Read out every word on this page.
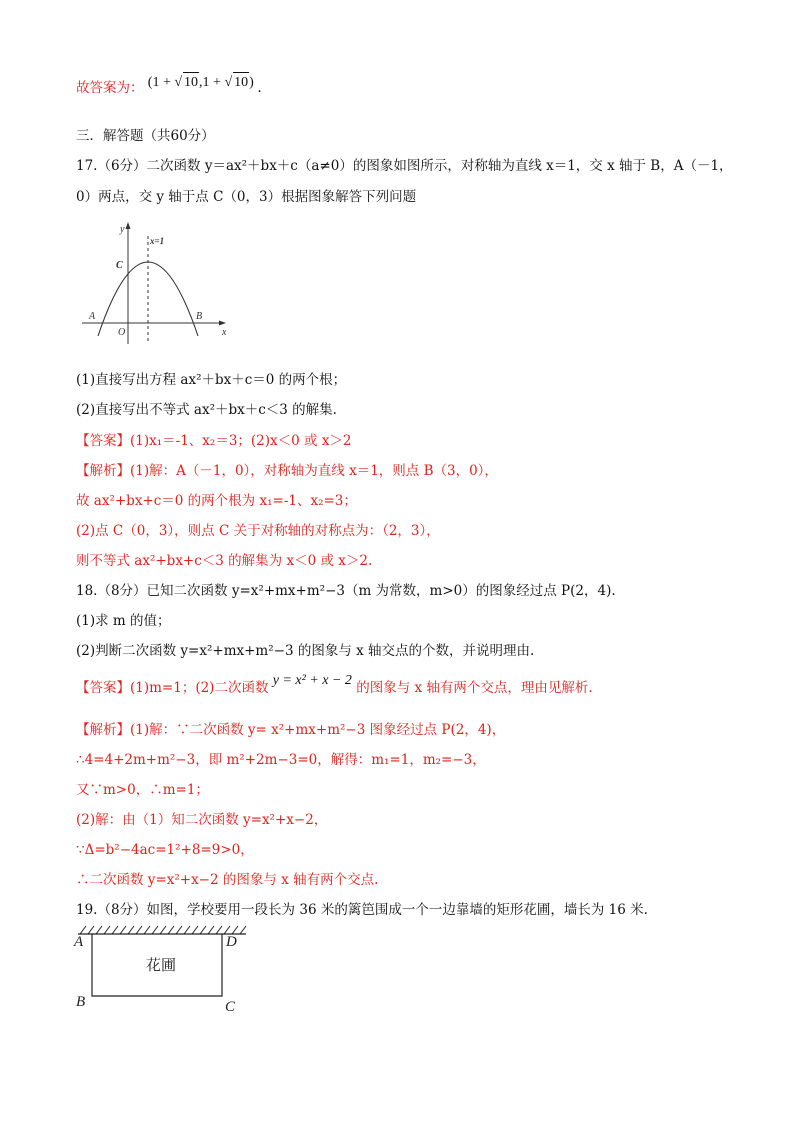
故答案为： (1 + √ 10,1 + √ 10) .
三．解答题（共60分）
17.（6分）二次函数 y＝ax²＋bx＋c（a≠0）的图象如图所示，对称轴为直线 x＝1，交 x 轴于 B，A（－1，
0）两点，交 y 轴于点 C（0，3）根据图象解答下列问题
y
x
x=1
C
A	B
O
(1)直接写出方程 ax²＋bx＋c＝0 的两个根；
(2)直接写出不等式 ax²＋bx＋c＜3 的解集.
【答案】(1)x₁＝-1、x₂＝3；(2)x＜0 或 x＞2
【解析】(1)解：A（－1，0），对称轴为直线 x＝1，则点 B（3，0），
故 ax²+bx+c＝0 的两个根为 x₁=-1、x₂=3；
(2)点 C（0，3），则点 C 关于对称轴的对称点为：（2，3），
则不等式 ax²+bx+c＜3 的解集为 x＜0 或 x＞2.
18.（8分）已知二次函数 y=x²+mx+m²−3（m 为常数，m>0）的图象经过点 P(2，4).
(1)求 m 的值；
(2)判断二次函数 y=x²+mx+m²−3 的图象与 x 轴交点的个数，并说明理由.
【答案】(1)m=1；(2)二次函数 y = x² + x − 2 的图象与 x 轴有两个交点，理由见解析.
【解析】(1)解：∵二次函数 y= x²+mx+m²−3 图象经过点 P(2，4)，
∴4=4+2m+m²−3，即 m²+2m−3=0，解得：m₁=1，m₂=−3，
又∵m>0，∴m=1；
(2)解：由（1）知二次函数 y=x²+x−2，
∵Δ=b²−4ac=1²+8=9>0，
∴二次函数 y=x²+x−2 的图象与 x 轴有两个交点.
19.（8分）如图，学校要用一段长为 36 米的篱笆围成一个一边靠墙的矩形花圃，墙长为 16 米.
A	D
B	C
花圃
